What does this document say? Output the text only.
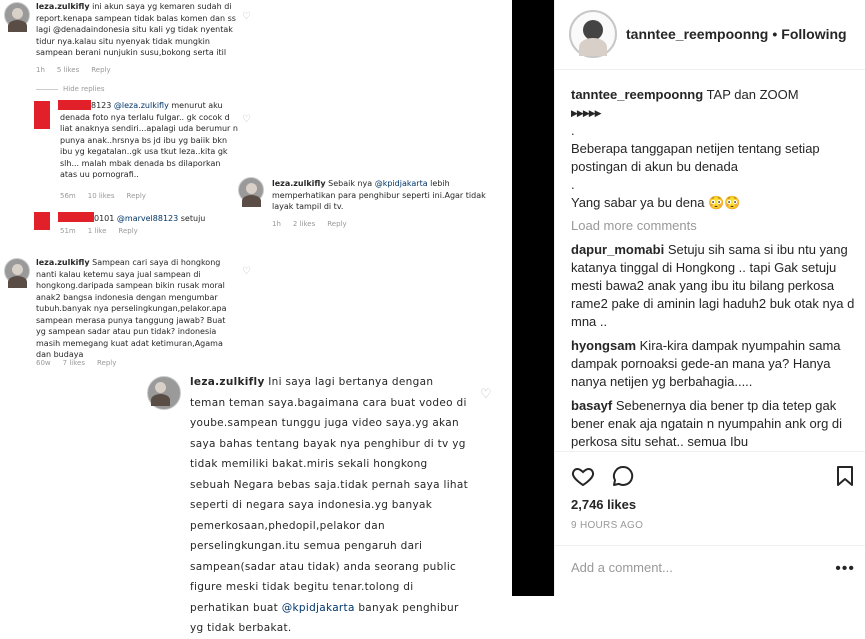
leza.zulkifly ini akun saya yg kemaren sudah di report.kenapa sampean tidak balas komen dan ss lagi @denadaindonesia situ kali yg tidak nyentak tidur nya.kalau situ nyenyak tidak mungkin sampean berani nunjukin susu,bokong serta itil
♡
1h 5 likes Reply
Hide replies
8123 @leza.zulkifly menurut aku denada foto nya terlalu fulgar.. gk cocok d liat anaknya sendiri...apalagi uda berumur n punya anak..hrsnya bs jd ibu yg baiik bkn ibu yg kegatalan..gk usa tkut leza..kita gk slh... malah mbak denada bs dilaporkan atas uu pornografi..
♡
56m 10 likes Reply
leza.zulkifly Sebaik nya @kpidjakarta lebih memperhatikan para penghibur seperti ini.Agar tidak layak tampil di tv.
1h 2 likes Reply
0101 @marvel88123 setuju
51m 1 like Reply
leza.zulkifly Sampean cari saya di hongkong nanti kalau ketemu saya jual sampean di hongkong.daripada sampean bikin rusak moral anak2 bangsa indonesia dengan mengumbar tubuh.banyak nya perselingkungan,pelakor.apa sampean merasa punya tanggung jawab? Buat yg sampean sadar atau pun tidak? indonesia masih memegang kuat adat ketimuran,Agama dan budaya
♡
60w 7 likes Reply
leza.zulkifly Ini saya lagi bertanya dengan teman teman saya.bagaimana cara buat vodeo di yoube.sampean tunggu juga video saya.yg akan saya bahas tentang bayak nya penghibur di tv yg tidak memiliki bakat.miris sekali hongkong sebuah Negara bebas saja.tidak pernah saya lihat seperti di negara saya indonesia.yg banyak pemerkosaan,phedopil,pelakor dan perselingkungan.itu semua pengaruh dari sampean(sadar atau tidak) anda seorang public figure meski tidak begitu tenar.tolong di perhatikan buat @kpidjakarta banyak penghibur yg tidak berbakat.
♡
tanntee_reempoonng • Following
tanntee_reempoonng TAP dan ZOOM
▶▶▶▶▶
.
Beberapa tanggapan netijen tentang setiap postingan di akun bu denada
.
Yang sabar ya bu dena 😳😳
Load more comments
dapur_momabi Setuju sih sama si ibu ntu yang katanya tinggal di Hongkong .. tapi Gak setuju mesti bawa2 anak yang ibu itu bilang perkosa rame2 pake di aminin lagi haduh2 buk otak nya d mna ..
hyongsam Kira-kira dampak nyumpahin sama dampak pornoaksi gede-an mana ya? Hanya nanya netijen yg berbahagia.....
basayf Sebenernya dia bener tp dia tetep gak bener enak aja ngatain n nyumpahin ank org di perkosa situ sehat.. semua Ibu
2,746 likes
9 HOURS AGO
Add a comment...
•••
